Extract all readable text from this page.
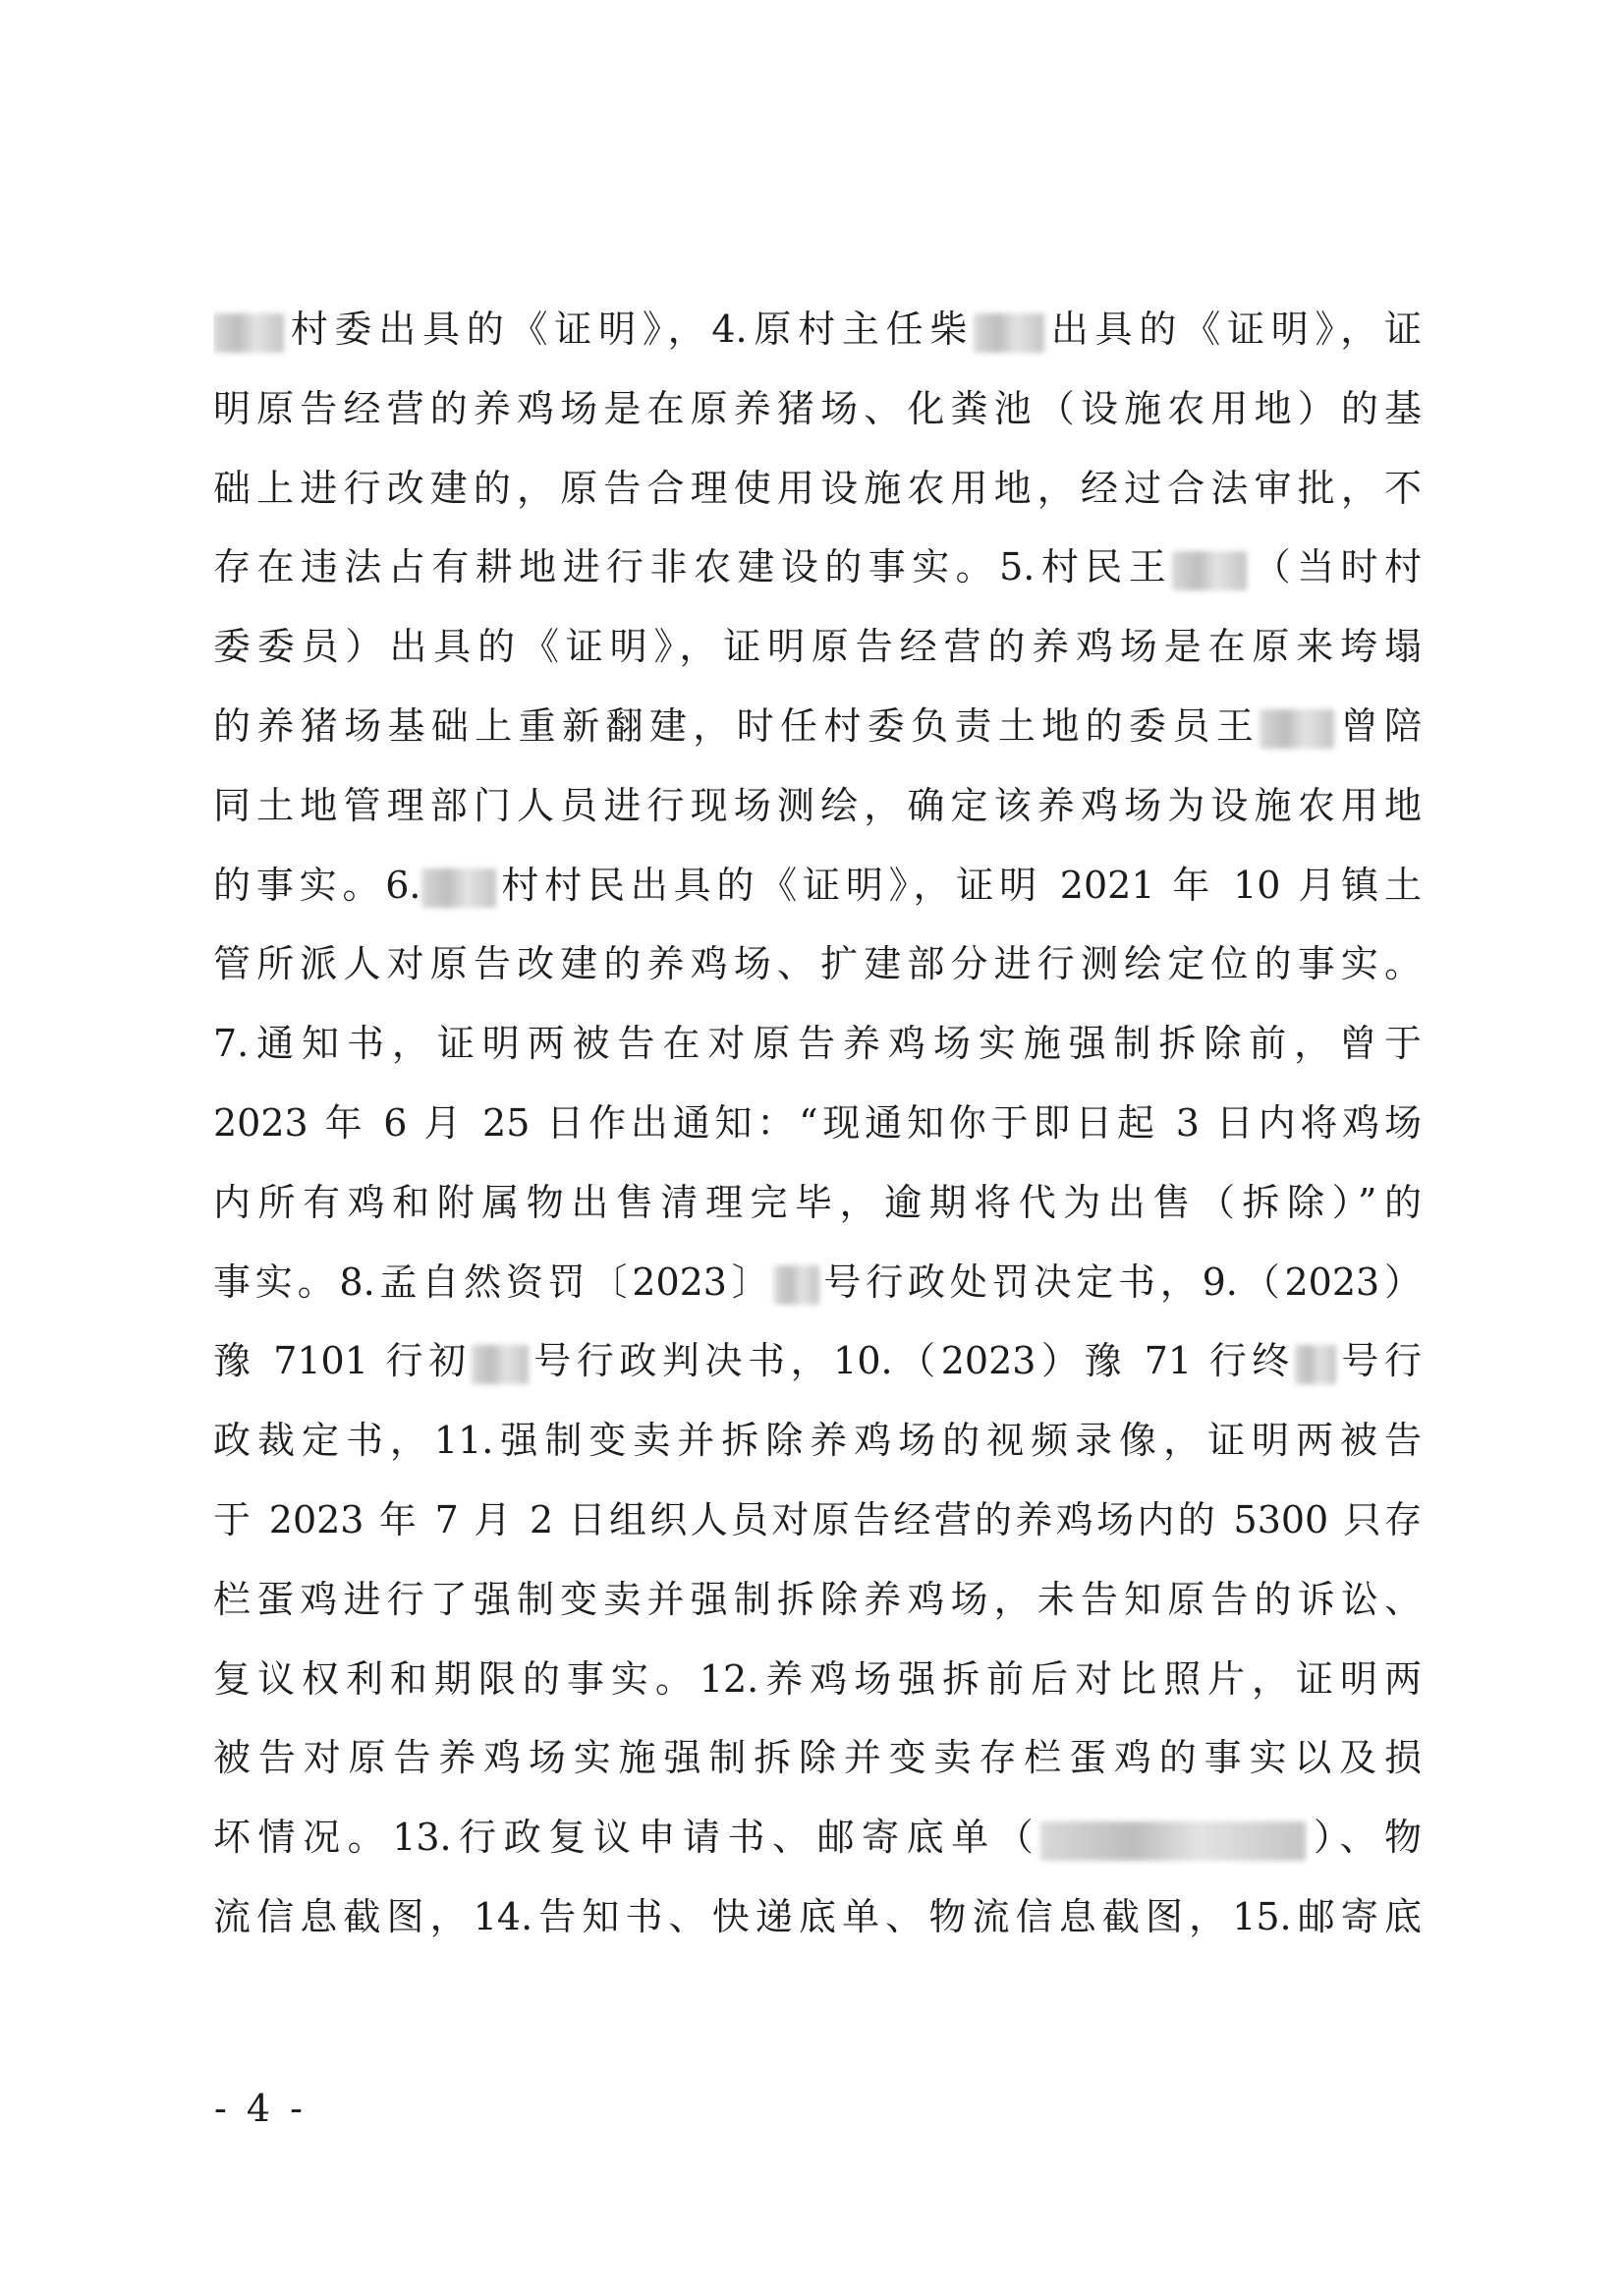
村委出具的《证明》，4.原村主任柴 出具的《证明》，证
明原告经营的养鸡场是在原养猪场、化粪池（设施农用地）的基
础上进行改建的，原告合理使用设施农用地，经过合法审批，不
存在违法占有耕地进行非农建设的事实。5.村民王 （当时村
委委员）出具的《证明》，证明原告经营的养鸡场是在原来垮塌
的养猪场基础上重新翻建，时任村委负责土地的委员王 曾陪
同土地管理部门人员进行现场测绘，确定该养鸡场为设施农用地
的事实。6. 村村民出具的《证明》，证明 2021 年 10 月镇土
管所派人对原告改建的养鸡场、扩建部分进行测绘定位的事实。
7.通知书，证明两被告在对原告养鸡场实施强制拆除前，曾于
2023 年 6 月 25 日作出通知：“现通知你于即日起 3 日内将鸡场
内所有鸡和附属物出售清理完毕，逾期将代为出售（拆除）”的
事实。8.孟自然资罚〔2023〕 号行政处罚决定书，9.（2023）
豫 7101 行初 号行政判决书，10.（2023）豫 71 行终 号行
政裁定书，11.强制变卖并拆除养鸡场的视频录像，证明两被告
于 2023 年 7 月 2 日组织人员对原告经营的养鸡场内的 5300 只存
栏蛋鸡进行了强制变卖并强制拆除养鸡场，未告知原告的诉讼、
复议权利和期限的事实。12.养鸡场强拆前后对比照片，证明两
被告对原告养鸡场实施强制拆除并变卖存栏蛋鸡的事实以及损
坏情况。13.行政复议申请书、邮寄底单（	）、物
流信息截图，14.告知书、快递底单、物流信息截图，15.邮寄底
- 4 -
